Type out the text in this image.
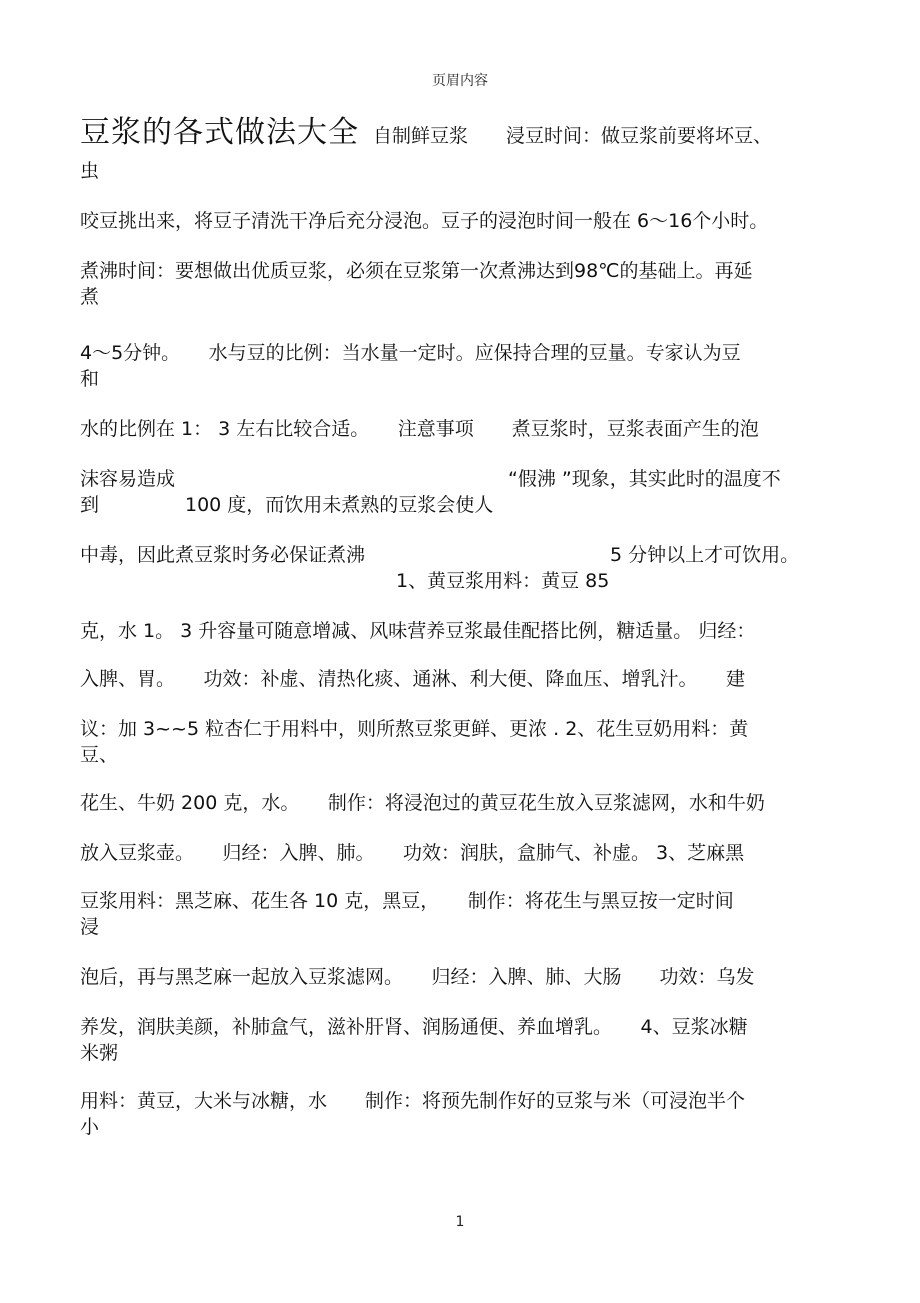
页眉内容
豆浆的各式做法大全 自制鲜豆浆　　浸豆时间：做豆浆前要将坏豆、
虫
咬豆挑出来，将豆子清洗干净后充分浸泡。豆子的浸泡时间一般在 6～16个小时。
煮沸时间：要想做出优质豆浆，必须在豆浆第一次煮沸达到98℃的基础上。再延
煮
4～5分钟。　　水与豆的比例：当水量一定时。应保持合理的豆量。专家认为豆
和
水的比例在 1： 3 左右比较合适。　　注意事项　　煮豆浆时，豆浆表面产生的泡
沫容易造成	“假沸 ”现象，其实此时的温度不
到	100 度，而饮用未煮熟的豆浆会使人
中毒，因此煮豆浆时务必保证煮沸	5 分钟以上才可饮用。
1、黄豆浆用料：黄豆 85
克，水 1。 3 升容量可随意增减、风味营养豆浆最佳配搭比例，糖适量。 归经：
入脾、胃。　　功效：补虚、清热化痰、通淋、利大便、降血压、增乳汁。　　建
议：加 3~~5 粒杏仁于用料中，则所熬豆浆更鲜、更浓 . 2、花生豆奶用料：黄
豆、
花生、牛奶 200 克，水。　　制作：将浸泡过的黄豆花生放入豆浆滤网，水和牛奶
放入豆浆壶。　　归经：入脾、肺。　　功效：润肤，盒肺气、补虚。 3、芝麻黑
豆浆用料：黑芝麻、花生各 10 克，黑豆，　　制作：将花生与黑豆按一定时间
浸
泡后，再与黑芝麻一起放入豆浆滤网。　　归经：入脾、肺、大肠　　功效：乌发
养发，润肤美颜，补肺盒气，滋补肝肾、润肠通便、养血增乳。　　4、豆浆冰糖
米粥
用料：黄豆，大米与冰糖，水　　制作：将预先制作好的豆浆与米（可浸泡半个
小
1
